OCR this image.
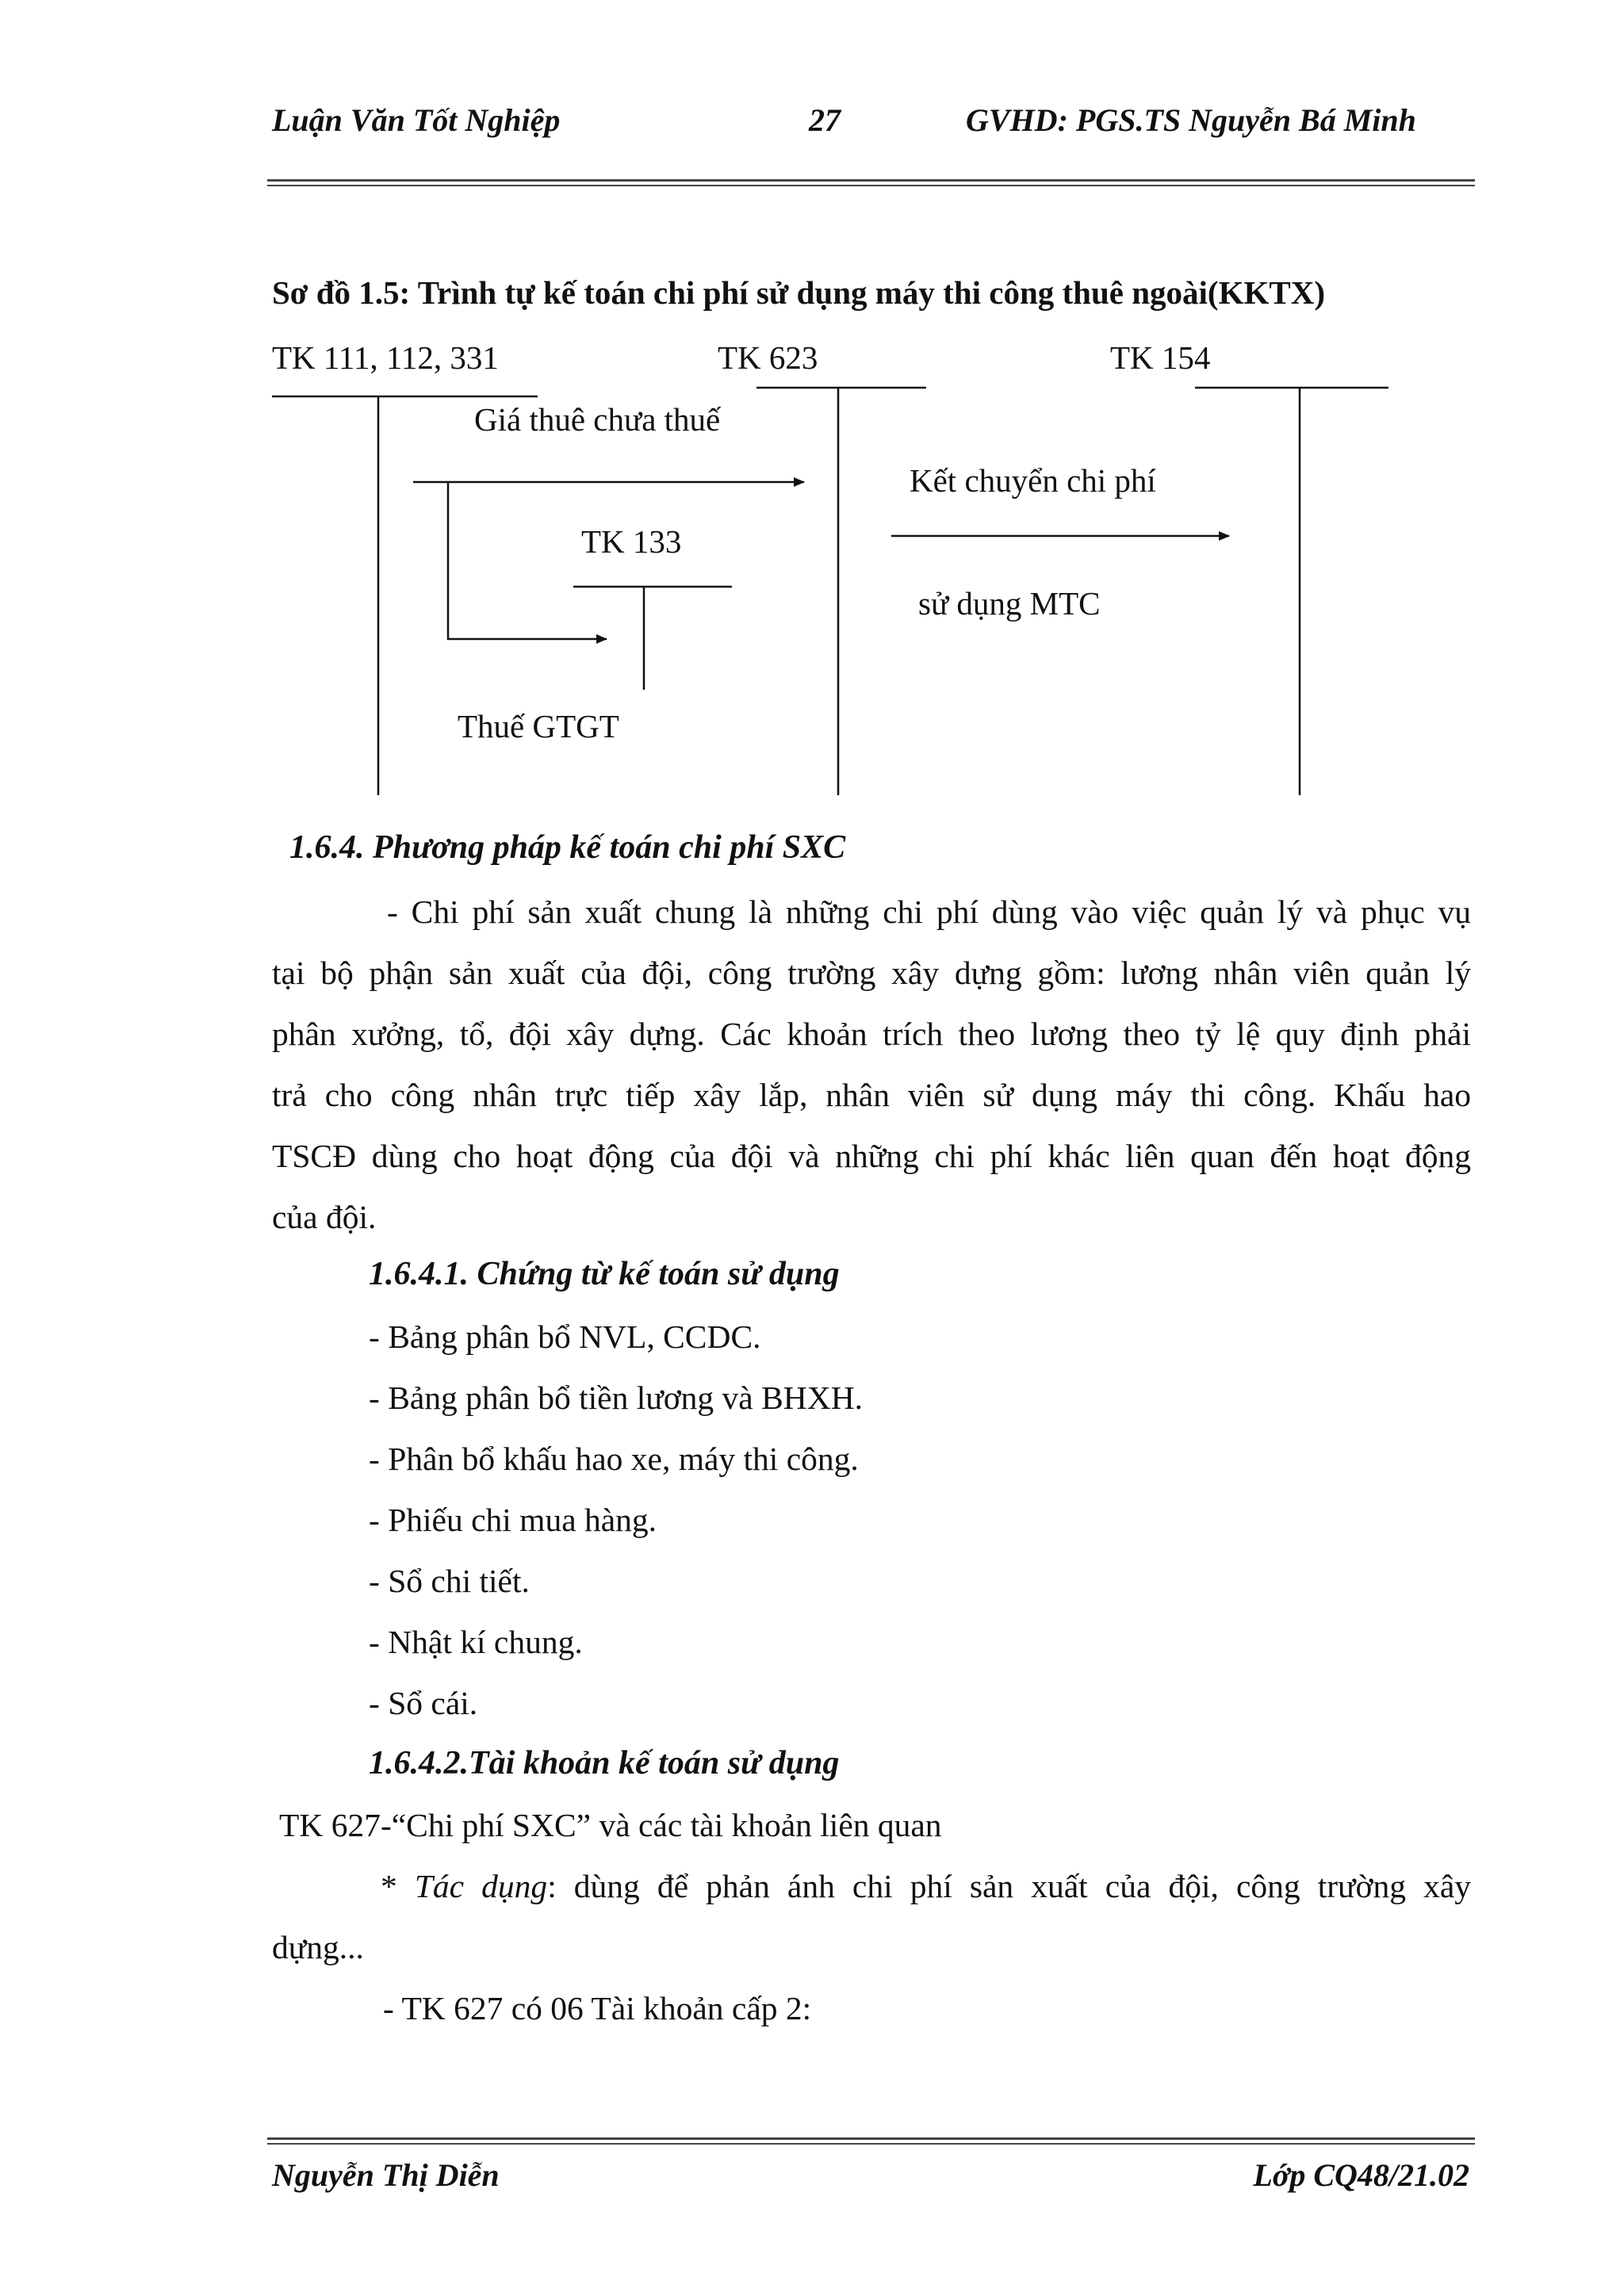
Luận Văn Tốt Nghiệp	27	GVHD: PGS.TS Nguyễn Bá Minh
Sơ đồ 1.5: Trình tự kế toán chi phí sử dụng máy thi công thuê ngoài(KKTX)
TK 111, 112, 331	TK 623	TK 154
Giá thuê chưa thuế
Kết chuyển chi phí
TK 133
sử dụng MTC
Thuế GTGT
1.6.4. Phương pháp kế toán chi phí SXC
- Chi phí sản xuất chung là những chi phí dùng vào việc quản lý và phục vụ
tại bộ phận sản xuất của đội, công trường xây dựng gồm: lương nhân viên quản lý
phân xưởng, tổ, đội xây dựng. Các khoản trích theo lương theo tỷ lệ quy định phải
trả cho công nhân trực tiếp xây lắp, nhân viên sử dụng máy thi công. Khấu hao
TSCĐ dùng cho hoạt động của đội và những chi phí khác liên quan đến hoạt động
của đội.
1.6.4.1. Chứng từ kế toán sử dụng
- Bảng phân bổ NVL, CCDC.
- Bảng phân bổ tiền lương và BHXH.
- Phân bổ khấu hao xe, máy thi công.
- Phiếu chi mua hàng.
- Sổ chi tiết.
- Nhật kí chung.
- Sổ cái.
1.6.4.2.Tài khoản kế toán sử dụng
TK 627-“Chi phí SXC” và các tài khoản liên quan
* Tác dụng: dùng để phản ánh chi phí sản xuất của đội, công trường xây
dựng...
- TK 627 có 06 Tài khoản cấp 2:
Nguyễn Thị Diễn	Lớp CQ48/21.02
